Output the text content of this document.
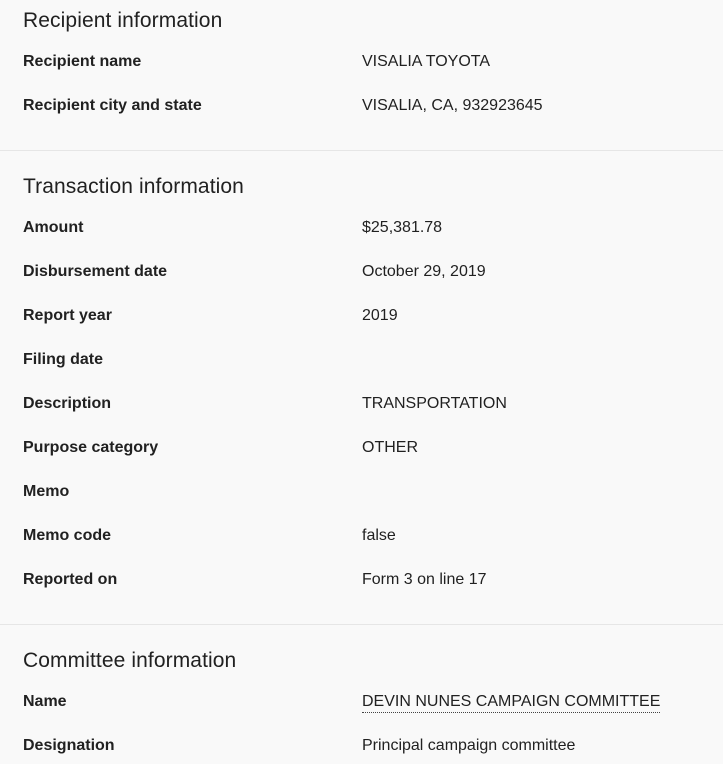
Recipient information
Recipient name	VISALIA TOYOTA
Recipient city and state	VISALIA, CA, 932923645
Transaction information
Amount	$25,381.78
Disbursement date	October 29, 2019
Report year	2019
Filing date
Description	TRANSPORTATION
Purpose category	OTHER
Memo
Memo code	false
Reported on	Form 3 on line 17
Committee information
Name	DEVIN NUNES CAMPAIGN COMMITTEE
Designation	Principal campaign committee
